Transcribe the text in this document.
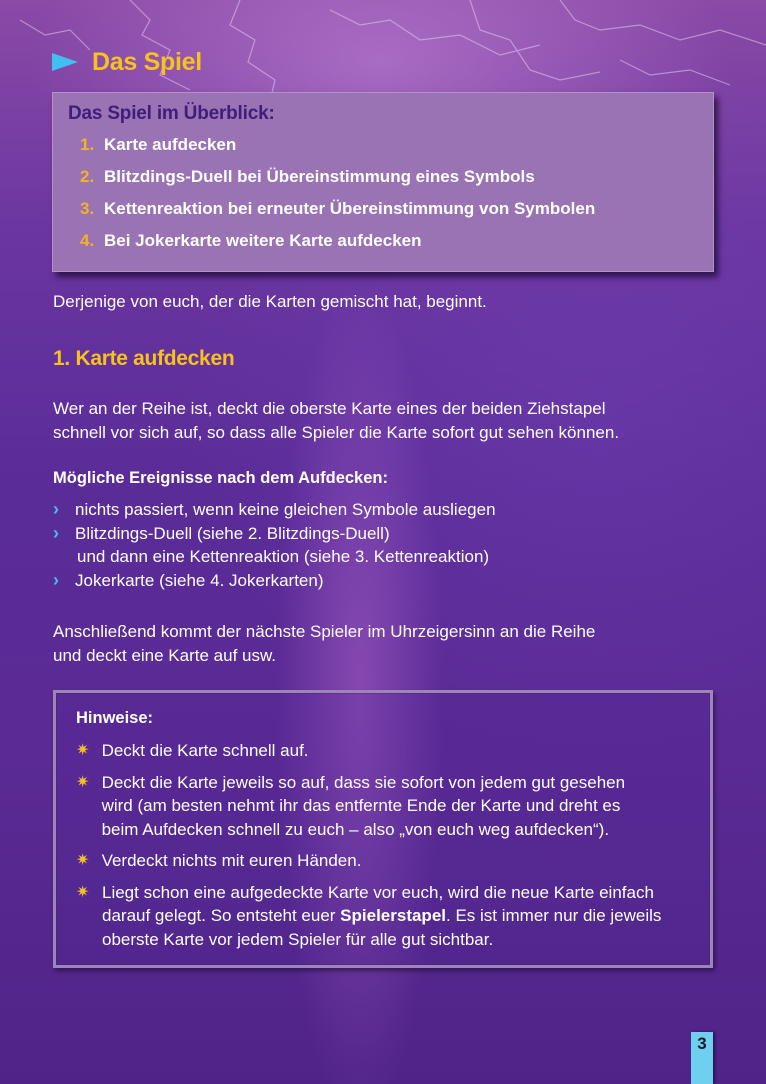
Das Spiel
Das Spiel im Überblick:
1. Karte aufdecken
2. Blitzdings-Duell bei Übereinstimmung eines Symbols
3. Kettenreaktion bei erneuter Übereinstimmung von Symbolen
4. Bei Jokerkarte weitere Karte aufdecken

Derjenige von euch, der die Karten gemischt hat, beginnt.

1. Karte aufdecken
Wer an der Reihe ist, deckt die oberste Karte eines der beiden Ziehstapel
schnell vor sich auf, so dass alle Spieler die Karte sofort gut sehen können.
Mögliche Ereignisse nach dem Aufdecken:
› nichts passiert, wenn keine gleichen Symbole ausliegen
› Blitzdings-Duell (siehe 2. Blitzdings-Duell)
und dann eine Kettenreaktion (siehe 3. Kettenreaktion)
› Jokerkarte (siehe 4. Jokerkarten)
Anschließend kommt der nächste Spieler im Uhrzeigersinn an die Reihe
und deckt eine Karte auf usw.
Hinweise:
✷ Deckt die Karte schnell auf.
✷ Deckt die Karte jeweils so auf, dass sie sofort von jedem gut gesehen
wird (am besten nehmt ihr das entfernte Ende der Karte und dreht es
beim Aufdecken schnell zu euch – also „von euch weg aufdecken“).
✷ Verdeckt nichts mit euren Händen.
✷ Liegt schon eine aufgedeckte Karte vor euch, wird die neue Karte einfach darauf gelegt. So entsteht euer Spielerstapel. Es ist immer nur die jeweils oberste Karte vor jedem Spieler für alle gut sichtbar.
3
